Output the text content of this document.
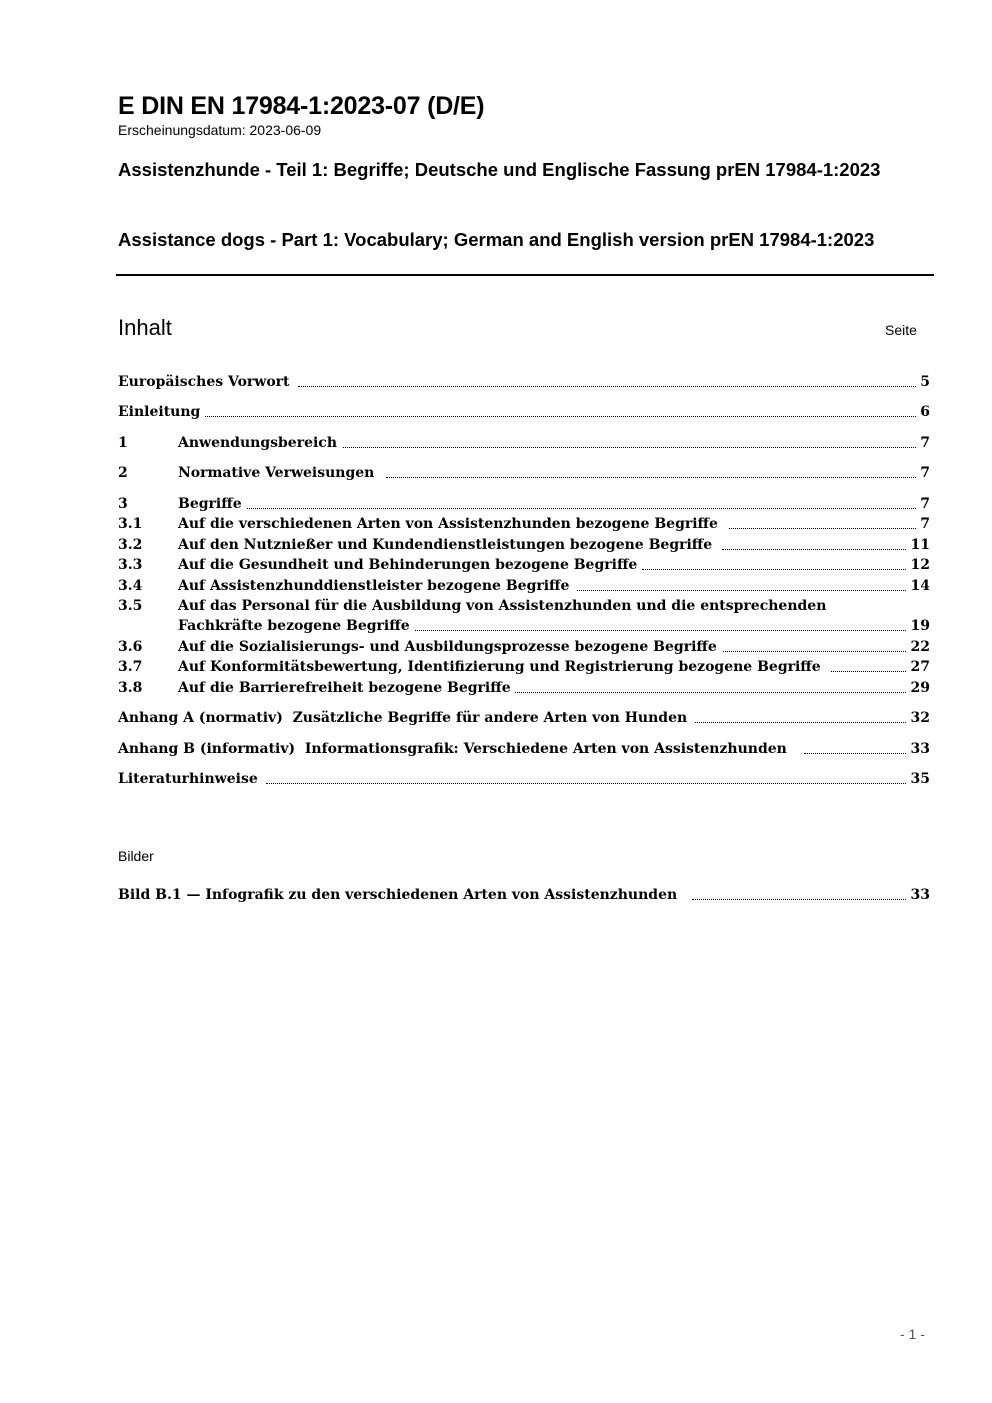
E DIN EN 17984-1:2023-07 (D/E)
Erscheinungsdatum: 2023-06-09
Assistenzhunde - Teil 1: Begriffe; Deutsche und Englische Fassung prEN 17984-1:2023
Assistance dogs - Part 1: Vocabulary; German and English version prEN 17984-1:2023
Inhalt	Seite
Europäisches Vorwort	5
Einleitung	6
1	Anwendungsbereich	7
2	Normative Verweisungen	7
3	Begriffe	7
3.1	Auf die verschiedenen Arten von Assistenzhunden bezogene Begriffe	7
3.2	Auf den Nutznießer und Kundendienstleistungen bezogene Begriffe	11
3.3	Auf die Gesundheit und Behinderungen bezogene Begriffe	12
3.4	Auf Assistenzhunddienstleister bezogene Begriffe	14
3.5	Auf das Personal für die Ausbildung von Assistenzhunden und die entsprechenden
Fachkräfte bezogene Begriffe	19
3.6	Auf die Sozialisierungs- und Ausbildungsprozesse bezogene Begriffe	22
3.7	Auf Konformitätsbewertung, Identifizierung und Registrierung bezogene Begriffe	27
3.8	Auf die Barrierefreiheit bezogene Begriffe	29
Anhang A (normativ)  Zusätzliche Begriffe für andere Arten von Hunden	32
Anhang B (informativ)  Informationsgrafik: Verschiedene Arten von Assistenzhunden	33
Literaturhinweise	35
Bilder
Bild B.1 — Infografik zu den verschiedenen Arten von Assistenzhunden	33
- 1 -
